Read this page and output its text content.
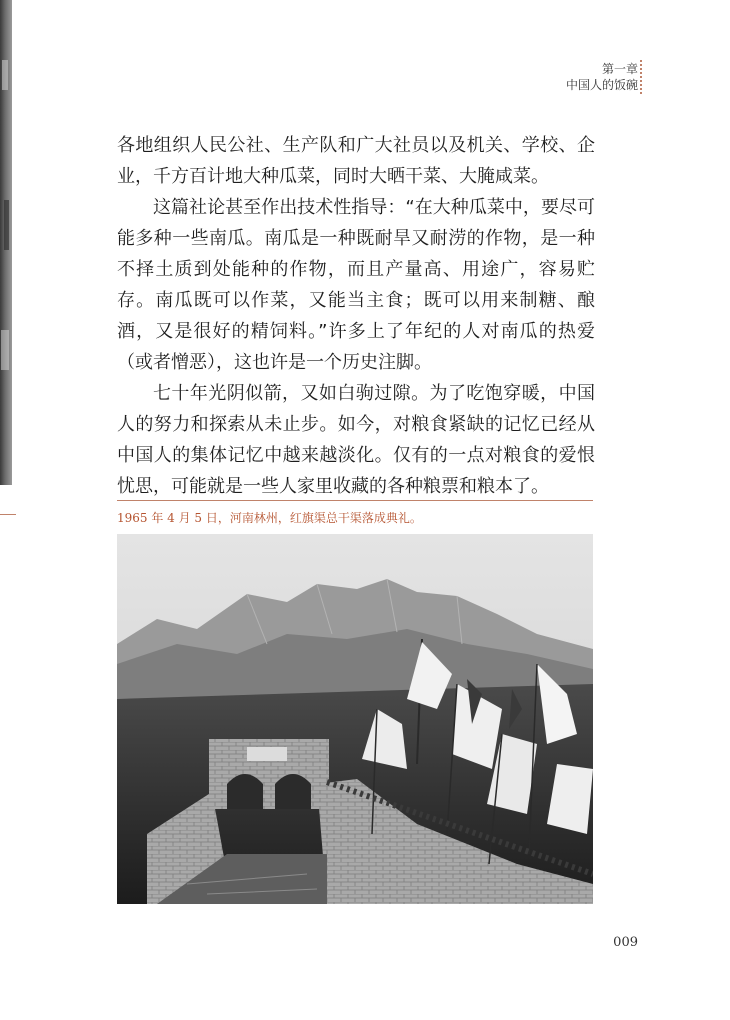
第一章
中国人的饭碗

各地组织人民公社、生产队和广大社员以及机关、学校、企业，千方百计地大种瓜菜，同时大晒干菜、大腌咸菜。

这篇社论甚至作出技术性指导：“在大种瓜菜中，要尽可能多种一些南瓜。南瓜是一种既耐旱又耐涝的作物，是一种不择土质到处能种的作物，而且产量高、用途广，容易贮存。南瓜既可以作菜，又能当主食；既可以用来制糖、酿酒，又是很好的精饲料。”许多上了年纪的人对南瓜的热爱（或者憎恶），这也许是一个历史注脚。

七十年光阴似箭，又如白驹过隙。为了吃饱穿暖，中国人的努力和探索从未止步。如今，对粮食紧缺的记忆已经从中国人的集体记忆中越来越淡化。仅有的一点对粮食的爱恨忧思，可能就是一些人家里收藏的各种粮票和粮本了。

1965 年 4 月 5 日，河南林州，红旗渠总干渠落成典礼。
009
